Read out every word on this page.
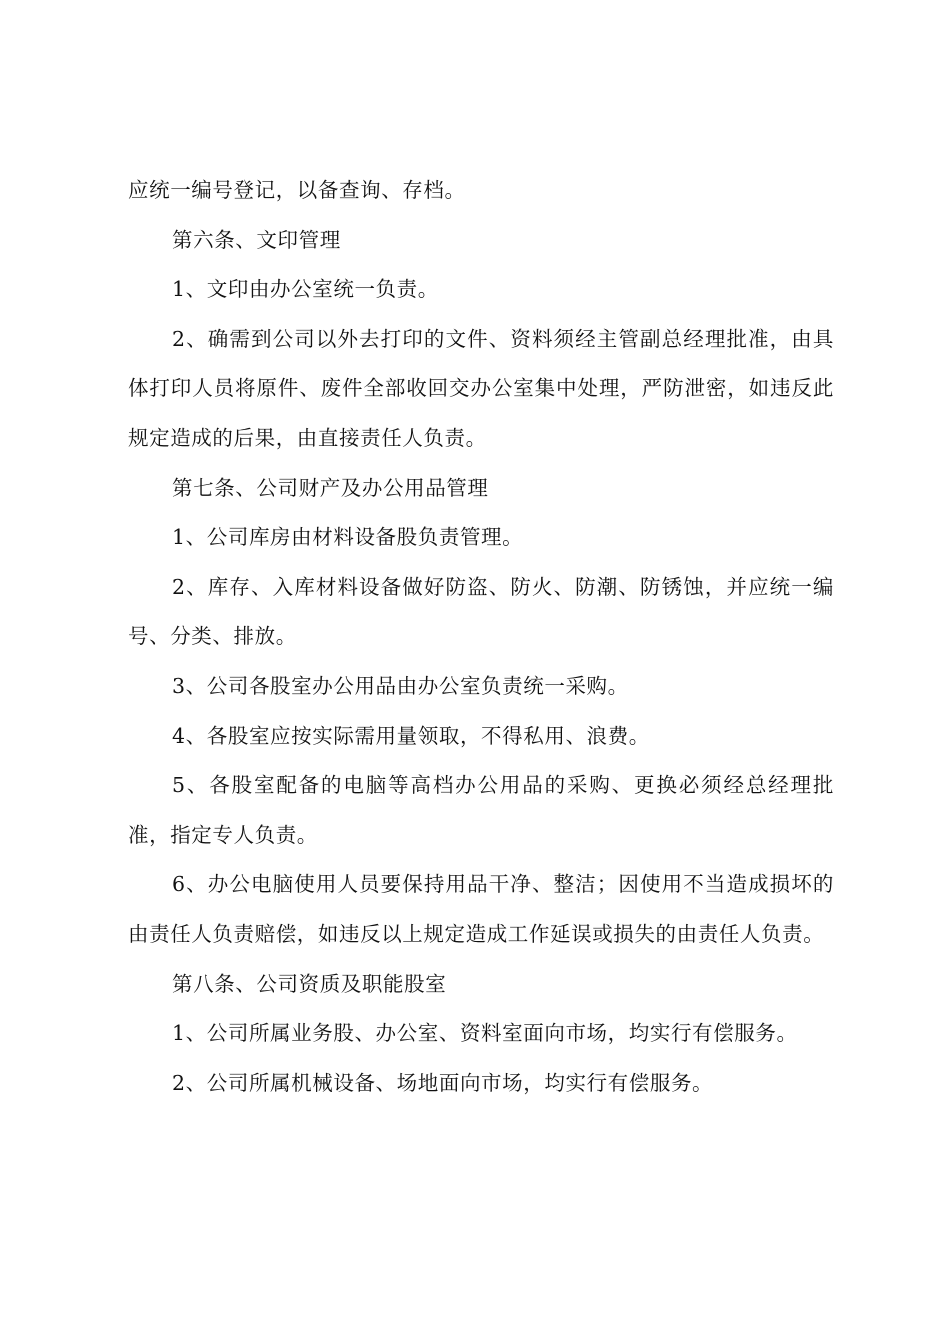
应统一编号登记，以备查询、存档。

第六条、文印管理

1、文印由办公室统一负责。

2、确需到公司以外去打印的文件、资料须经主管副总经理批准，由具体打印人员将原件、废件全部收回交办公室集中处理，严防泄密，如违反此规定造成的后果，由直接责任人负责。

第七条、公司财产及办公用品管理

1、公司库房由材料设备股负责管理。

2、库存、入库材料设备做好防盗、防火、防潮、防锈蚀，并应统一编号、分类、排放。

3、公司各股室办公用品由办公室负责统一采购。

4、各股室应按实际需用量领取，不得私用、浪费。

5、各股室配备的电脑等高档办公用品的采购、更换必须经总经理批准，指定专人负责。

6、办公电脑使用人员要保持用品干净、整洁；因使用不当造成损坏的由责任人负责赔偿，如违反以上规定造成工作延误或损失的由责任人负责。

第八条、公司资质及职能股室

1、公司所属业务股、办公室、资料室面向市场，均实行有偿服务。

2、公司所属机械设备、场地面向市场，均实行有偿服务。
